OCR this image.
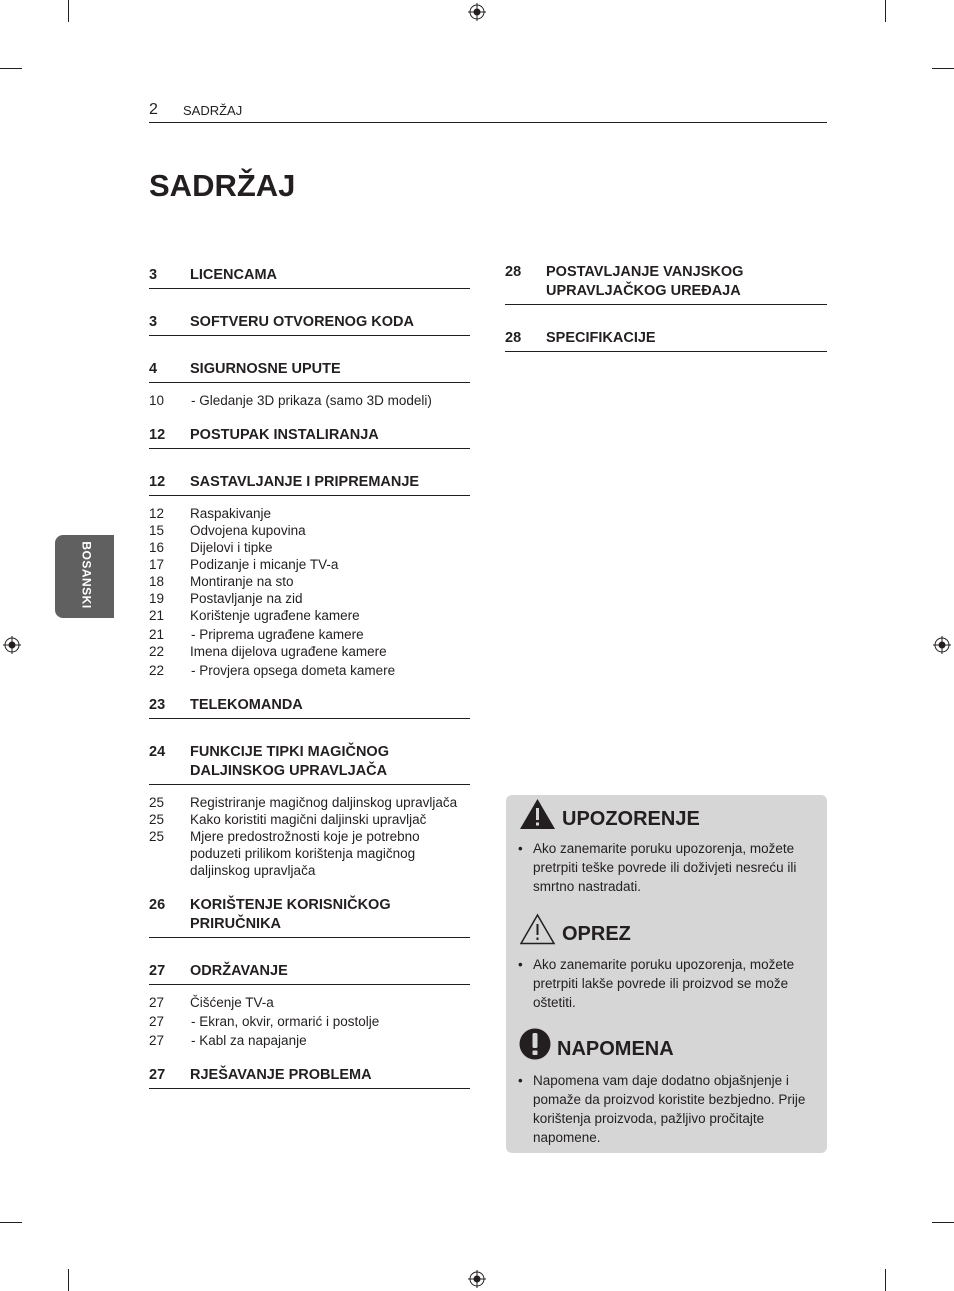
2 SADRŽAJ
SADRŽAJ
BOSANSKI
3 LICENCAMA
3 SOFTVERU OTVORENOG KODA
4 SIGURNOSNE UPUTE
10 - Gledanje 3D prikaza (samo 3D modeli)
12 POSTUPAK INSTALIRANJA
12 SASTAVLJANJE I PRIPREMANJE
12 Raspakivanje
15 Odvojena kupovina
16 Dijelovi i tipke
17 Podizanje i micanje TV-a
18 Montiranje na sto
19 Postavljanje na zid
21 Korištenje ugrađene kamere
21 - Priprema ugrađene kamere
22 Imena dijelova ugrađene kamere
22 - Provjera opsega dometa kamere
23 TELEKOMANDA
24 FUNKCIJE TIPKI MAGIČNOG DALJINSKOG UPRAVLJAČA
25 Registriranje magičnog daljinskog upravljača
25 Kako koristiti magični daljinski upravljač
25 Mjere predostrožnosti koje je potrebno poduzeti prilikom korištenja magičnog daljinskog upravljača
26 KORIŠTENJE KORISNIČKOG PRIRUČNIKA
27 ODRŽAVANJE
27 Čišćenje TV-a
27 - Ekran, okvir, ormarić i postolje
27 - Kabl za napajanje
27 RJEŠAVANJE PROBLEMA
28 POSTAVLJANJE VANJSKOG UPRAVLJAČKOG UREĐAJA
28 SPECIFIKACIJE
UPOZORENJE
• Ako zanemarite poruku upozorenja, možete pretrpiti teške povrede ili doživjeti nesreću ili smrtno nastradati.
OPREZ
• Ako zanemarite poruku upozorenja, možete pretrpiti lakše povrede ili proizvod se može oštetiti.
NAPOMENA
• Napomena vam daje dodatno objašnjenje i pomaže da proizvod koristite bezbjedno. Prije korištenja proizvoda, pažljivo pročitajte napomene.
